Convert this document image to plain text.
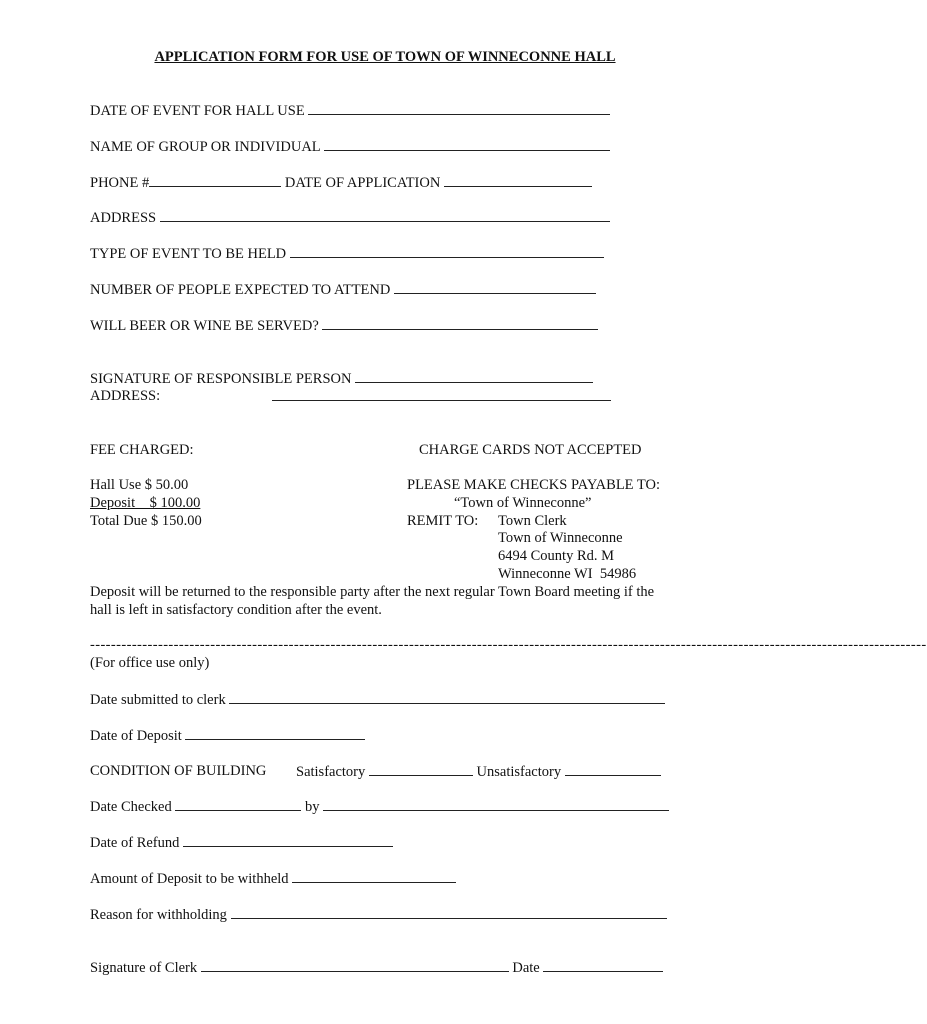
APPLICATION FORM FOR USE OF TOWN OF WINNECONNE HALL
DATE OF EVENT FOR HALL USE
NAME OF GROUP OR INDIVIDUAL
PHONE #	DATE OF APPLICATION
ADDRESS
TYPE OF EVENT TO BE HELD
NUMBER OF PEOPLE EXPECTED TO ATTEND
WILL BEER OR WINE BE SERVED?
SIGNATURE OF RESPONSIBLE PERSON
ADDRESS:
FEE CHARGED:	CHARGE CARDS NOT ACCEPTED
Hall Use $ 50.00
Deposit    $ 100.00
Total Due $ 150.00
PLEASE MAKE CHECKS PAYABLE TO:
“Town of Winneconne”
REMIT TO: Town Clerk
Town of Winneconne
6494 County Rd. M
Winneconne WI  54986
Deposit will be returned to the responsible party after the next regular Town Board meeting if the
hall is left in satisfactory condition after the event.
----------------------------------------------------------------------------------------------------------------------------------------------------------------
(For office use only)
Date submitted to clerk
Date of Deposit
CONDITION OF BUILDING Satisfactory	Unsatisfactory
Date Checked	by
Date of Refund
Amount of Deposit to be withheld
Reason for withholding
Signature of Clerk	Date
